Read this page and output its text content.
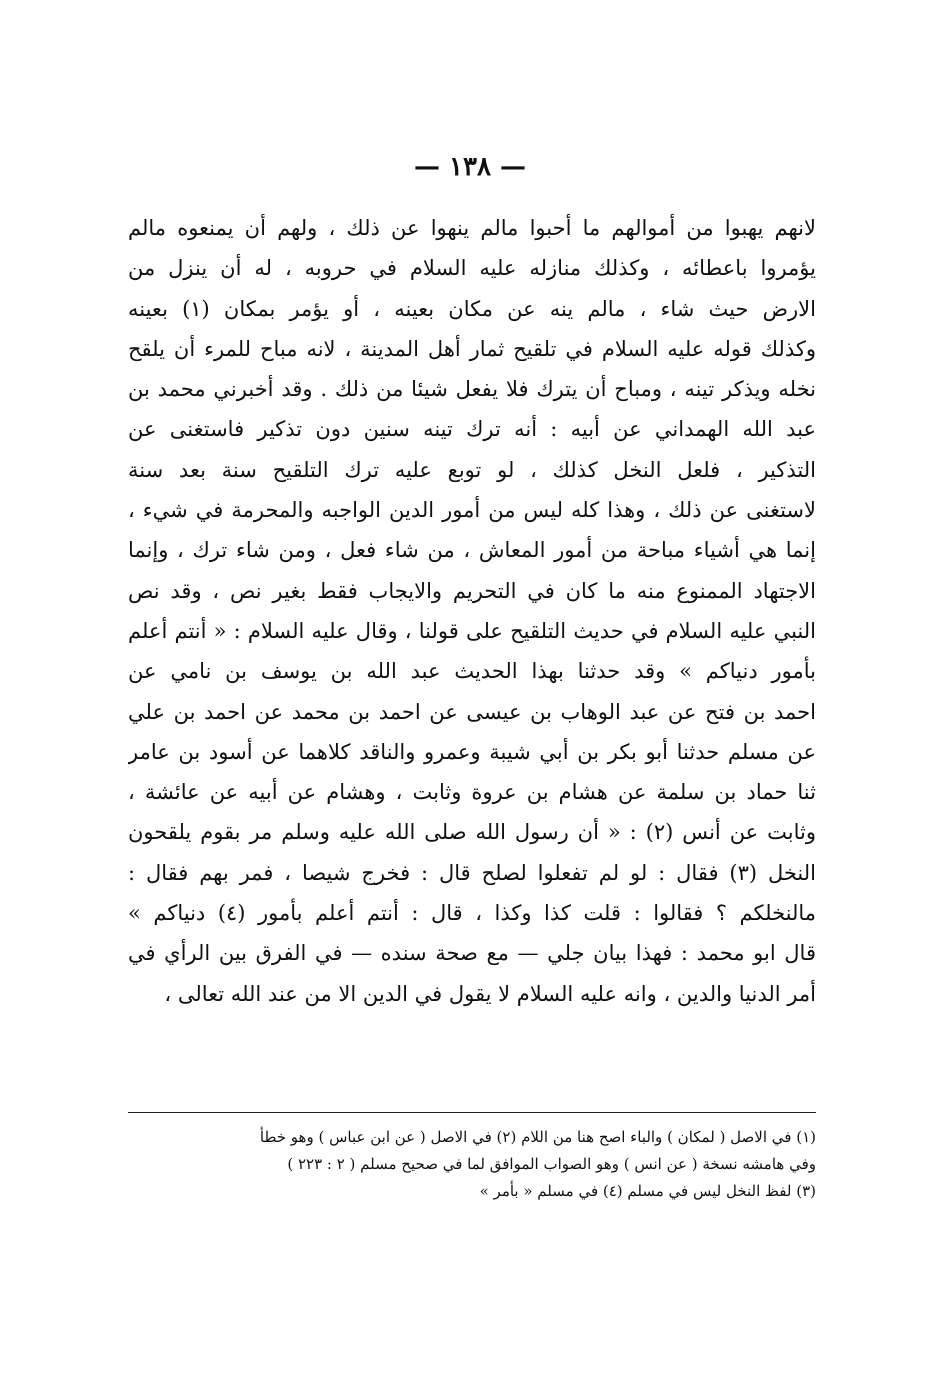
— ١٣٨ —
لانهم يهبوا من أموالهم ما أحبوا مالم ينهوا عن ذلك ، ولهم أن يمنعوه مالم
يؤمروا باعطائه ، وكذلك منازله عليه السلام في حروبه ، له أن ينزل من
الارض حيث شاء ، مالم ينه عن مكان بعينه ، أو يؤمر بمكان (١) بعينه
وكذلك قوله عليه السلام في تلقيح ثمار أهل المدينة ، لانه مباح للمرء أن يلقح
نخله ويذكر تينه ، ومباح أن يترك فلا يفعل شيئا من ذلك . وقد أخبرني محمد بن
عبد الله الهمداني عن أبيه : أنه ترك تينه سنين دون تذكير فاستغنى عن
التذكير ، فلعل النخل كذلك ، لو توبع عليه ترك التلقيح سنة بعد سنة
لاستغنى عن ذلك ، وهذا كله ليس من أمور الدين الواجبه والمحرمة في شيء ،
إنما هي أشياء مباحة من أمور المعاش ، من شاء فعل ، ومن شاء ترك ، وإنما
الاجتهاد الممنوع منه ما كان في التحريم والايجاب فقط بغير نص ، وقد نص
النبي عليه السلام في حديث التلقيح على قولنا ، وقال عليه السلام : « أنتم أعلم
بأمور دنياكم » وقد حدثنا بهذا الحديث عبد الله بن يوسف بن نامي عن
احمد بن فتح عن عبد الوهاب بن عيسى عن احمد بن محمد عن احمد بن علي
عن مسلم حدثنا أبو بكر بن أبي شيبة وعمرو والناقد كلاهما عن أسود بن عامر
ثنا حماد بن سلمة عن هشام بن عروة وثابت ، وهشام عن أبيه عن عائشة ،
وثابت عن أنس (٢) : « أن رسول الله صلى الله عليه وسلم مر بقوم يلقحون
النخل (٣) فقال : لو لم تفعلوا لصلح قال : فخرج شيصا ، فمر بهم فقال :
مالنخلكم ؟ فقالوا : قلت كذا وكذا ، قال : أنتم أعلم بأمور (٤) دنياكم »
قال ابو محمد : فهذا بيان جلي — مع صحة سنده — في الفرق بين الرأي في
أمر الدنيا والدين ، وانه عليه السلام لا يقول في الدين الا من عند الله تعالى ،
(١) في الاصل ( لمكان ) والباء اصح هنا من اللام (٢) في الاصل ( عن ابن عباس ) وهو خطأ
وفي هامشه نسخة ( عن انس ) وهو الصواب الموافق لما في صحيح مسلم ( ٢ : ٢٢٣ )
(٣) لفظ النخل ليس في مسلم (٤) في مسلم « بأمر »
